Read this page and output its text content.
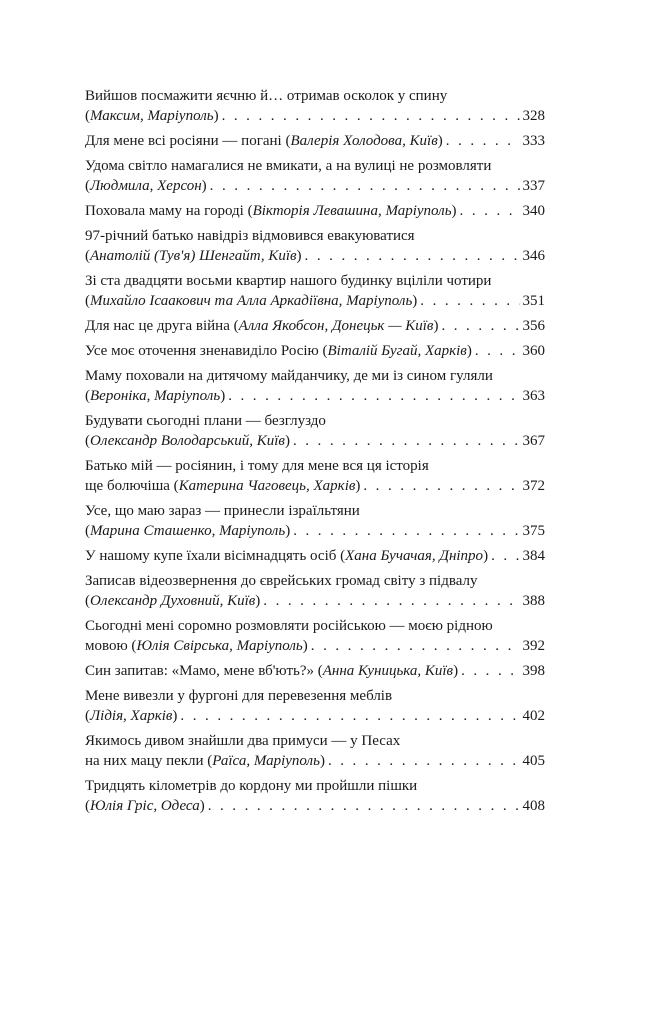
Вийшов посмажити яєчню й… отримав осколок у спину
(Максим, Маріуполь) . . .	328
Для мене всі росіяни — погані (Валерія Холодова, Київ) . . .	333
Удома світло намагалися не вмикати, а на вулиці не розмовляти
(Людмила, Херсон) . . .	337
Поховала маму на городі (Вікторія Левашина, Маріуполь) . . .	340
97-річний батько навідріз відмовився евакуюватися
(Анатолій (Тув'я) Шенгайт, Київ) . . .	346
Зі ста двадцяти восьми квартир нашого будинку вціліли чотири
(Михайло Ісаакович та Алла Аркадіївна, Маріуполь) . . .	351
Для нас це друга війна (Алла Якобсон, Донецьк — Київ) . . .	356
Усе моє оточення зненавиділо Росію (Віталій Бугай, Харків) . . .	360
Маму поховали на дитячому майданчику, де ми із сином гуляли
(Вероніка, Маріуполь) . . .	363
Будувати сьогодні плани — безглуздо
(Олександр Володарський, Київ) . . .	367
Батько мій — росіянин, і тому для мене вся ця історія
ще болючіша (Катерина Чаговець, Харків) . . .	372
Усе, що маю зараз — принесли ізраїльтяни
(Марина Сташенко, Маріуполь) . . .	375
У нашому купе їхали вісімнадцять осіб (Хана Бучачая, Дніпро) . . . 384
Записав відеозвернення до єврейських громад світу з підвалу
(Олександр Духовний, Київ) . . .	388
Сьогодні мені соромно розмовляти російською — моєю рідною
мовою (Юлія Свірська, Маріуполь) . . .	392
Син запитав: «Мамо, мене вб'ють?» (Анна Куницька, Київ) . . .	398
Мене вивезли у фургоні для перевезення меблів
(Лідія, Харків) . . .	402
Якимось дивом знайшли два примуси — у Песах
на них мацу пекли (Раїса, Маріуполь) . . .	405
Тридцять кілометрів до кордону ми пройшли пішки
(Юлія Гріс, Одеса) . . .	408
